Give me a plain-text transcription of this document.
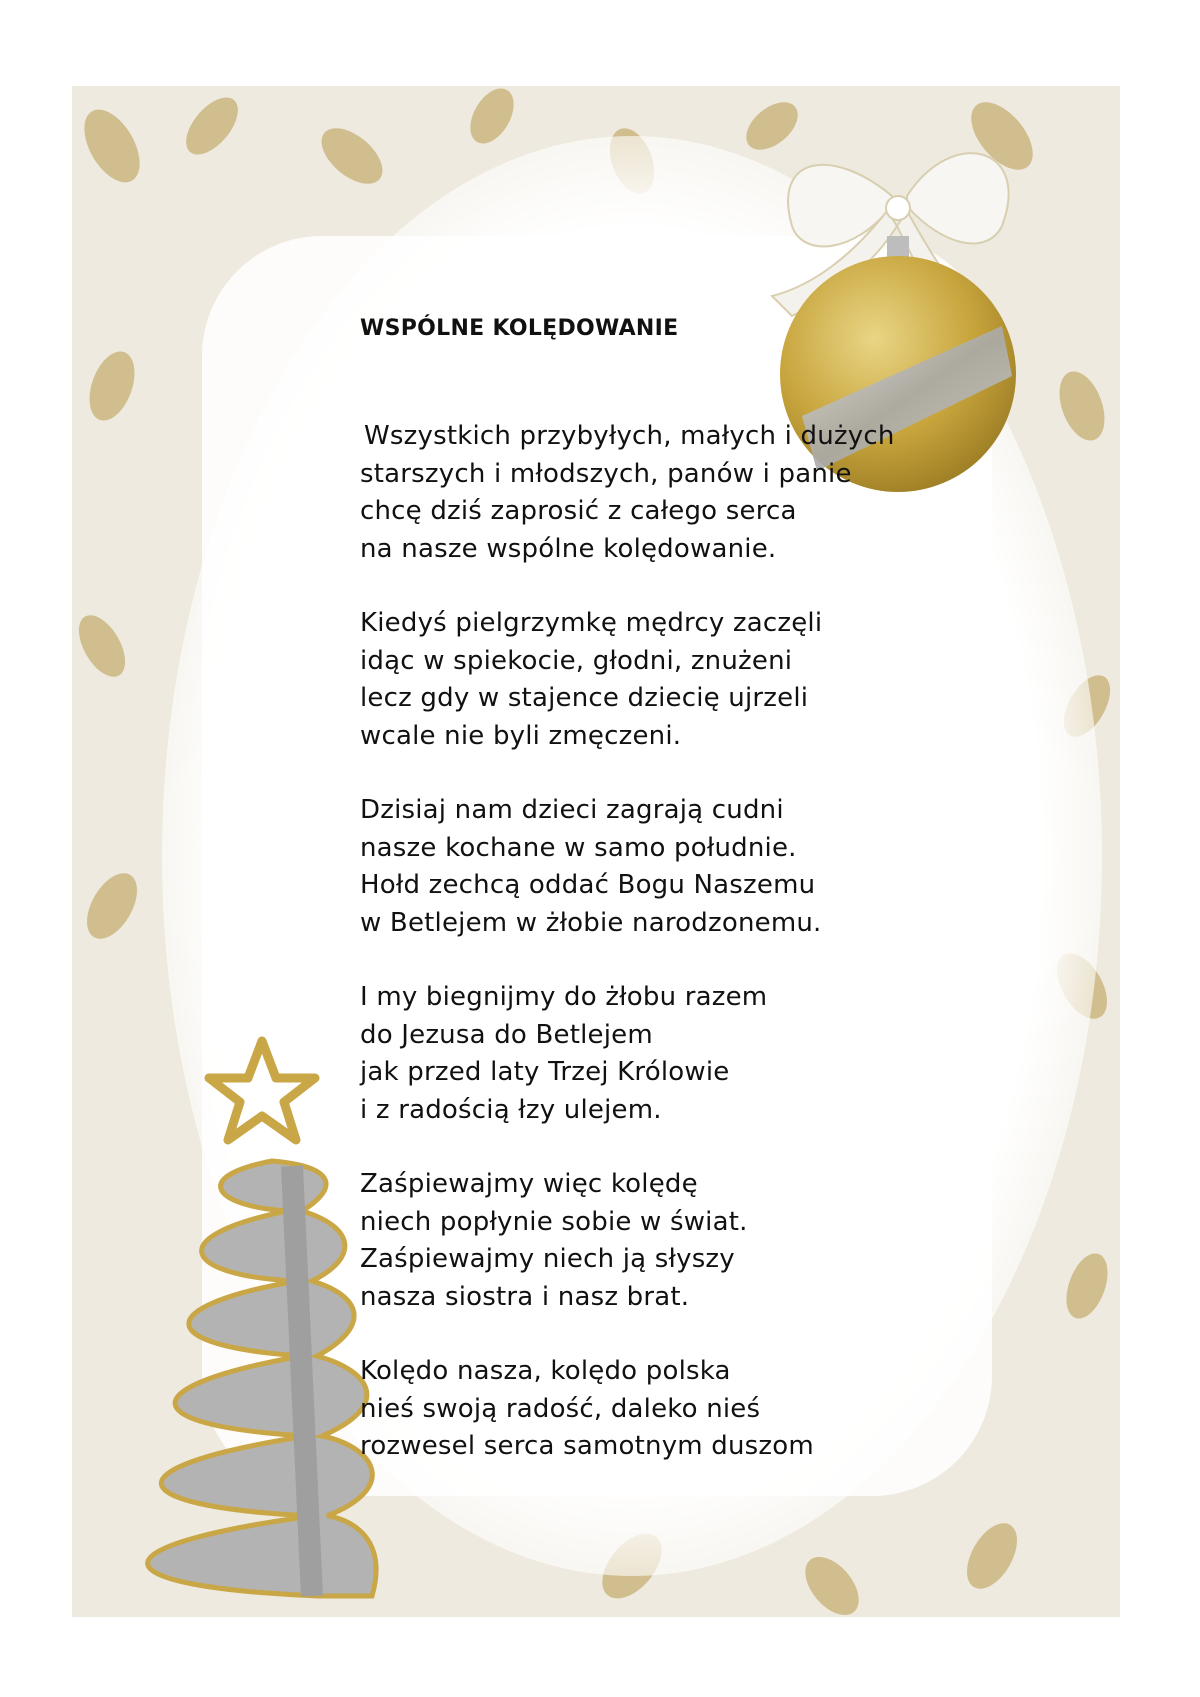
WSPÓLNE KOLĘDOWANIE
Wszystkich przybyłych, małych i dużych
starszych i młodszych, panów i panie
chcę dziś zaprosić z całego serca
na nasze wspólne kolędowanie.
Kiedyś pielgrzymkę mędrcy zaczęli
idąc w spiekocie, głodni, znużeni
lecz gdy w stajence dziecię ujrzeli
wcale nie byli zmęczeni.
Dzisiaj nam dzieci zagrają cudni
nasze kochane w samo południe.
Hołd zechcą oddać Bogu Naszemu
w Betlejem w żłobie narodzonemu.
I my biegnijmy do żłobu razem
do Jezusa do Betlejem
jak przed laty Trzej Królowie
i z radością łzy ulejem.
Zaśpiewajmy więc kolędę
niech popłynie sobie w świat.
Zaśpiewajmy niech ją słyszy
nasza siostra i nasz brat.
Kolędo nasza, kolędo polska
nieś swoją radość, daleko nieś
rozwesel serca samotnym duszom
